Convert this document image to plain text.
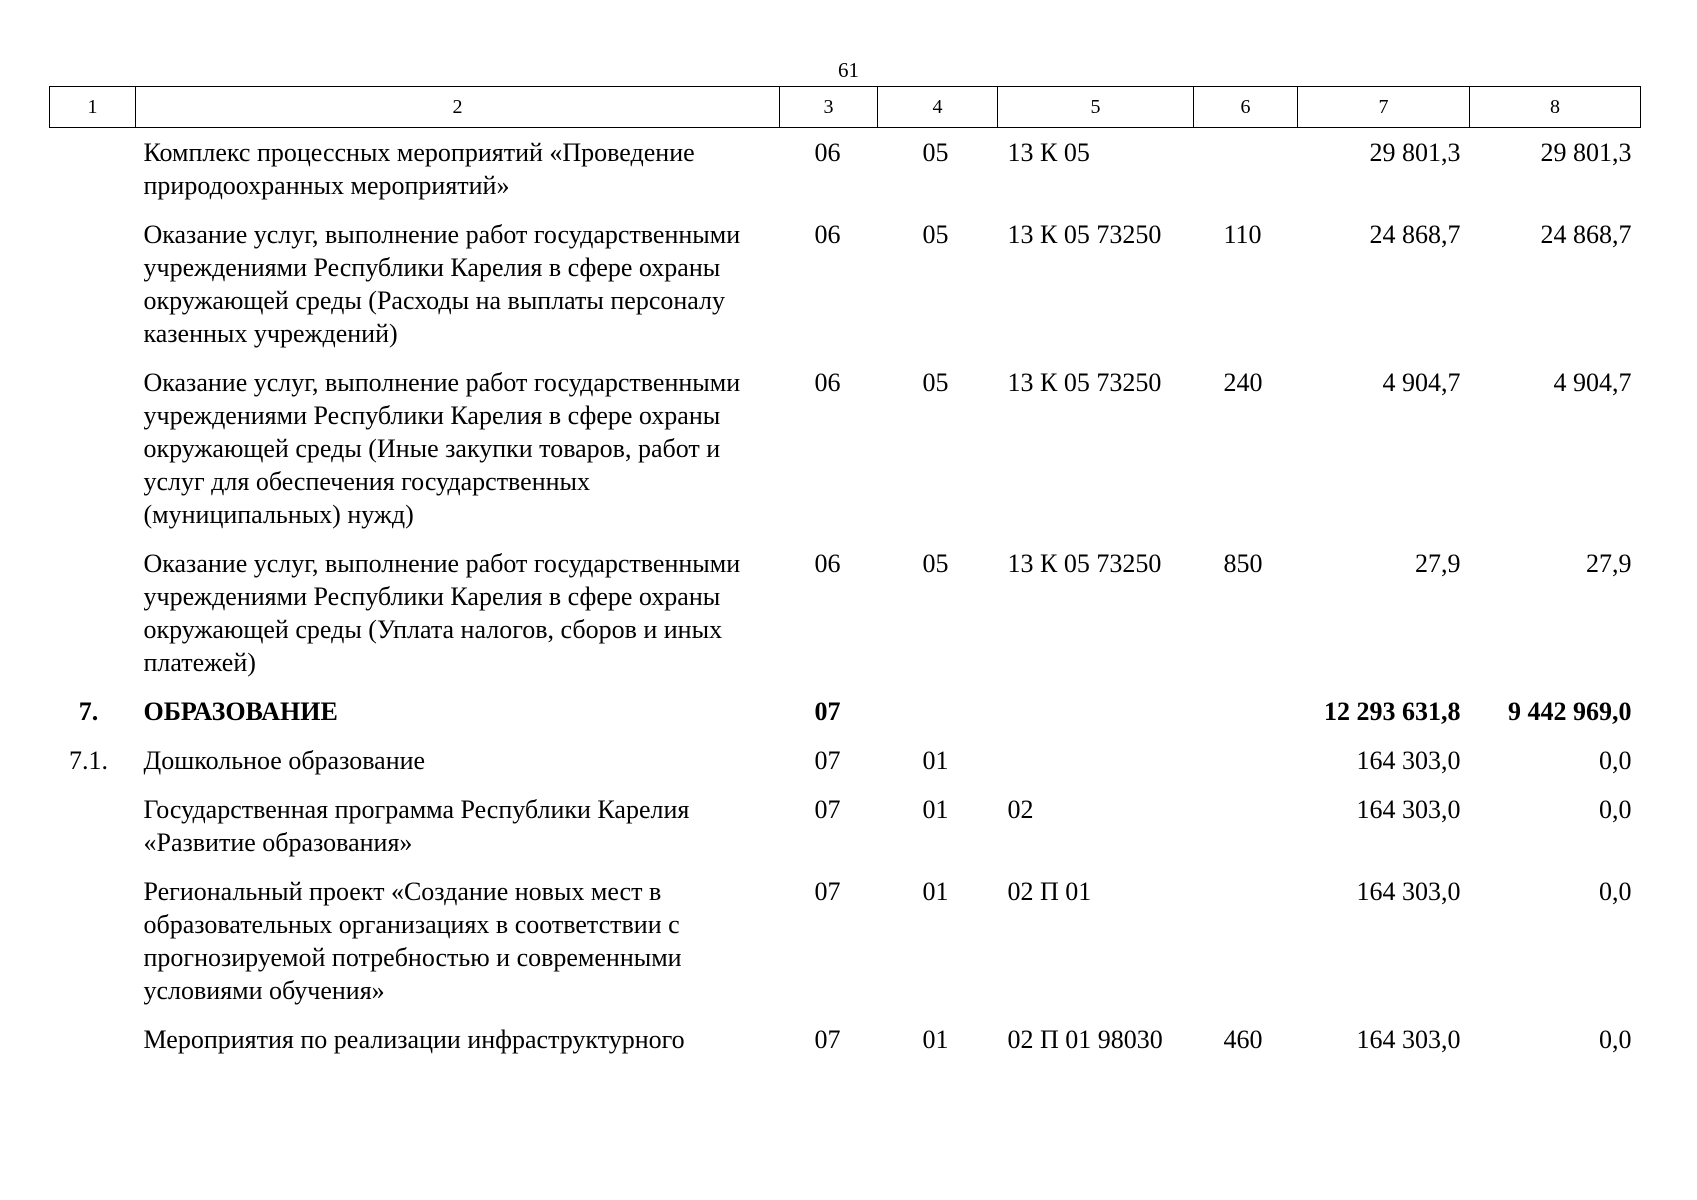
61
1	2	3	4	5	6	7	8
	Комплекс процессных мероприятий «Проведение природоохранных мероприятий»	06	05	13 К 05		29 801,3	29 801,3
	Оказание услуг, выполнение работ государственными учреждениями Республики Карелия в сфере охраны окружающей среды (Расходы на выплаты персоналу казенных учреждений)	06	05	13 К 05 73250	110	24 868,7	24 868,7
	Оказание услуг, выполнение работ государственными учреждениями Республики Карелия в сфере охраны окружающей среды (Иные закупки товаров, работ и услуг для обеспечения государственных (муниципальных) нужд)	06	05	13 К 05 73250	240	4 904,7	4 904,7
	Оказание услуг, выполнение работ государственными учреждениями Республики Карелия в сфере охраны окружающей среды (Уплата налогов, сборов и иных платежей)	06	05	13 К 05 73250	850	27,9	27,9
7.	ОБРАЗОВАНИЕ	07				12 293 631,8	9 442 969,0
7.1.	Дошкольное образование	07	01			164 303,0	0,0
	Государственная программа Республики Карелия «Развитие образования»	07	01	02		164 303,0	0,0
	Региональный проект «Создание новых мест в образовательных организациях в соответствии с прогнозируемой потребностью и современными условиями обучения»	07	01	02 П 01		164 303,0	0,0
	Мероприятия по реализации инфраструктурного	07	01	02 П 01 98030	460	164 303,0	0,0
